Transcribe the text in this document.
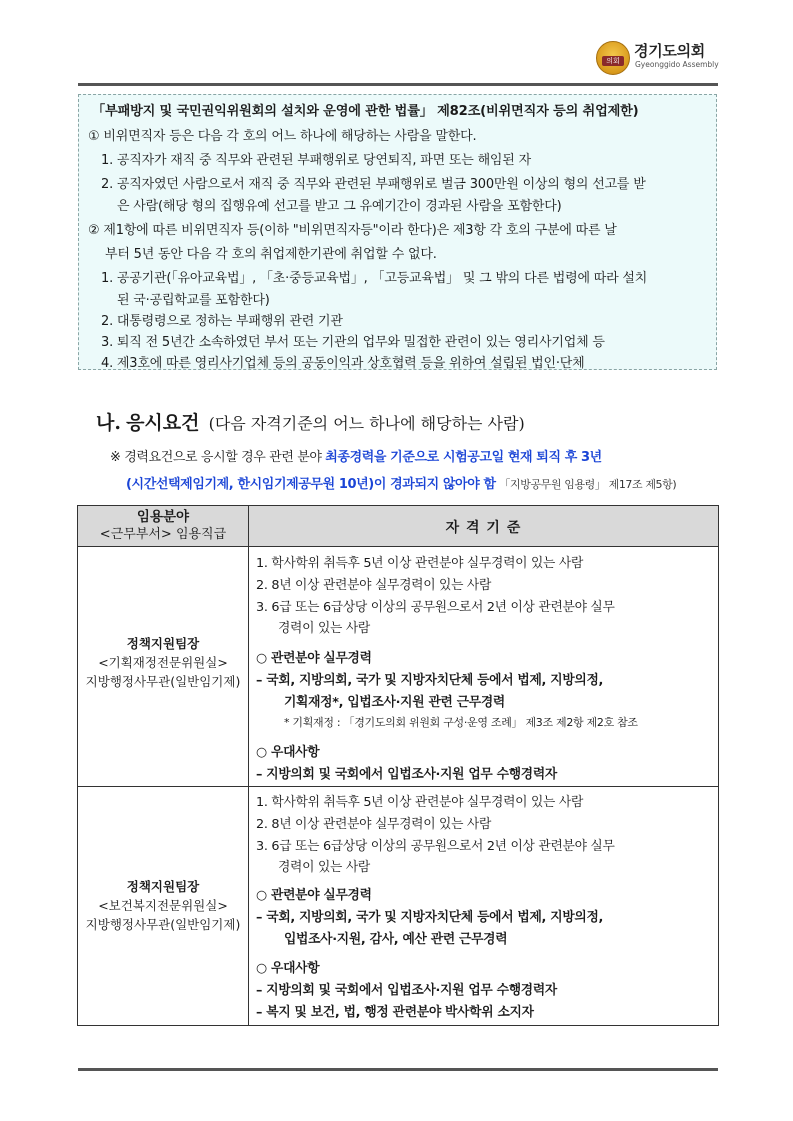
의회
경기도의회
Gyeonggido Assembly
「부패방지 및 국민권익위원회의 설치와 운영에 관한 법률」 제82조(비위면직자 등의 취업제한)
① 비위면직자 등은 다음 각 호의 어느 하나에 해당하는 사람을 말한다.
1. 공직자가 재직 중 직무와 관련된 부패행위로 당연퇴직, 파면 또는 해임된 자
2. 공직자였던 사람으로서 재직 중 직무와 관련된 부패행위로 벌금 300만원 이상의 형의 선고를 받
은 사람(해당 형의 집행유예 선고를 받고 그 유예기간이 경과된 사람을 포함한다)
② 제1항에 따른 비위면직자 등(이하 "비위면직자등"이라 한다)은 제3항 각 호의 구분에 따른 날
부터 5년 동안 다음 각 호의 취업제한기관에 취업할 수 없다.
1. 공공기관(「유아교육법」, 「초·중등교육법」, 「고등교육법」 및 그 밖의 다른 법령에 따라 설치
된 국·공립학교를 포함한다)
2. 대통령령으로 정하는 부패행위 관련 기관
3. 퇴직 전 5년간 소속하였던 부서 또는 기관의 업무와 밀접한 관련이 있는 영리사기업체 등
4. 제3호에 따른 영리사기업체 등의 공동이익과 상호협력 등을 위하여 설립된 법인·단체
나. 응시요건 (다음 자격기준의 어느 하나에 해당하는 사람)
※ 경력요건으로 응시할 경우 관련 분야 최종경력을 기준으로 시험공고일 현재 퇴직 후 3년
(시간선택제임기제, 한시임기제공무원 10년)이 경과되지 않아야 함 「지방공무원 임용령」 제17조 제5항)
임용분야
<근무부서> 임용직급	자 격 기 준
정책지원팀장
<기획재정전문위원실>
지방행정사무관(일반임기제)
1. 학사학위 취득후 5년 이상 관련분야 실무경력이 있는 사람
2. 8년 이상 관련분야 실무경력이 있는 사람
3. 6급 또는 6급상당 이상의 공무원으로서 2년 이상 관련분야 실무
경력이 있는 사람
○ 관련분야 실무경력
– 국회, 지방의회, 국가 및 지방자치단체 등에서 법제, 지방의정,
기획재정*, 입법조사·지원 관련 근무경력
* 기획재정 : 「경기도의회 위원회 구성·운영 조례」 제3조 제2항 제2호 참조
○ 우대사항
– 지방의회 및 국회에서 입법조사·지원 업무 수행경력자
정책지원팀장
<보건복지전문위원실>
지방행정사무관(일반임기제)
1. 학사학위 취득후 5년 이상 관련분야 실무경력이 있는 사람
2. 8년 이상 관련분야 실무경력이 있는 사람
3. 6급 또는 6급상당 이상의 공무원으로서 2년 이상 관련분야 실무
경력이 있는 사람
○ 관련분야 실무경력
– 국회, 지방의회, 국가 및 지방자치단체 등에서 법제, 지방의정,
입법조사·지원, 감사, 예산 관련 근무경력
○ 우대사항
– 지방의회 및 국회에서 입법조사·지원 업무 수행경력자
– 복지 및 보건, 법, 행정 관련분야 박사학위 소지자
